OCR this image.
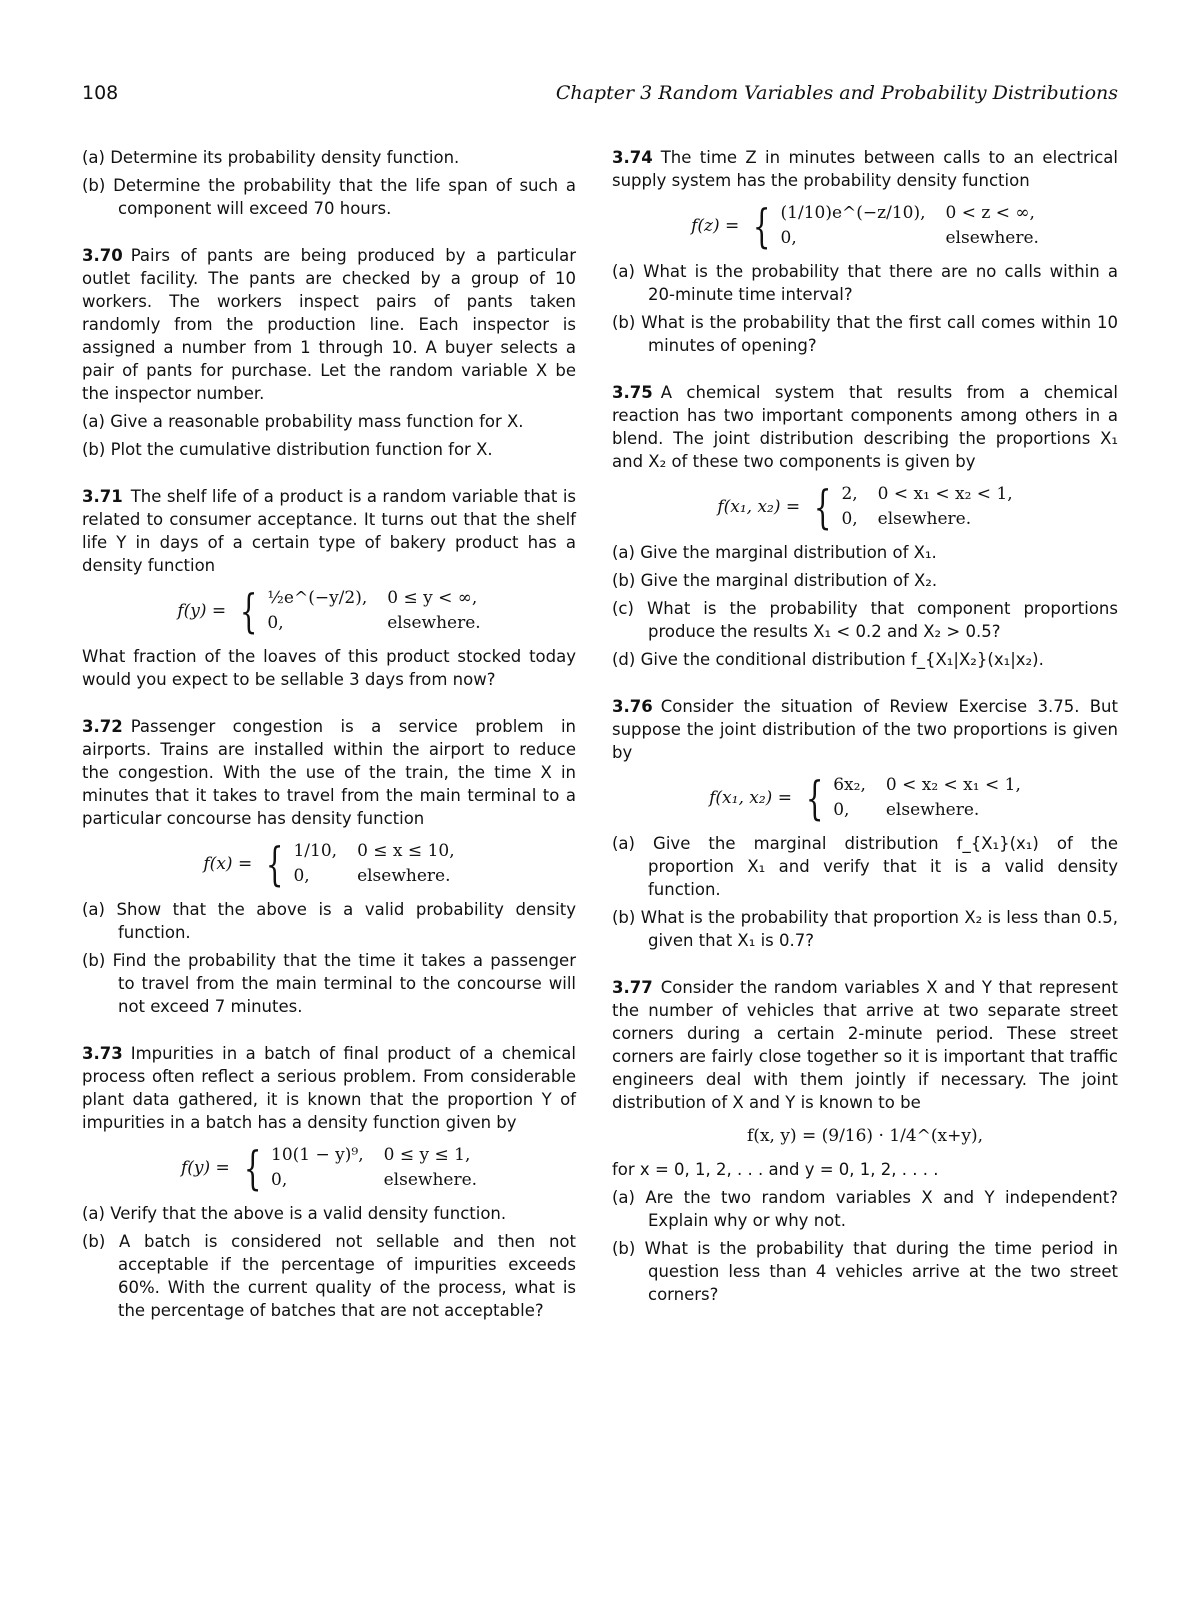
108	Chapter 3 Random Variables and Probability Distributions

(a) Determine its probability density function.

(b) Determine the probability that the life span of such a component will exceed 70 hours.

3.70 Pairs of pants are being produced by a particular outlet facility. The pants are checked by a group of 10 workers. The workers inspect pairs of pants taken randomly from the production line. Each inspector is assigned a number from 1 through 10. A buyer selects a pair of pants for purchase. Let the random variable X be the inspector number.

(a) Give a reasonable probability mass function for X.

(b) Plot the cumulative distribution function for X.

3.71 The shelf life of a product is a random variable that is related to consumer acceptance. It turns out that the shelf life Y in days of a certain type of bakery product has a density function

f(y) = { ½e^(−y/2), 0 ≤ y < ∞,
0,	elsewhere.

What fraction of the loaves of this product stocked today would you expect to be sellable 3 days from now?

3.72 Passenger congestion is a service problem in airports. Trains are installed within the airport to reduce the congestion. With the use of the train, the time X in minutes that it takes to travel from the main terminal to a particular concourse has density function

f(x) = { 1/10, 0 ≤ x ≤ 10,
0,	elsewhere.

(a) Show that the above is a valid probability density function.

(b) Find the probability that the time it takes a passenger to travel from the main terminal to the concourse will not exceed 7 minutes.

3.73 Impurities in a batch of final product of a chemical process often reflect a serious problem. From considerable plant data gathered, it is known that the proportion Y of impurities in a batch has a density function given by

f(y) = { 10(1 − y)⁹, 0 ≤ y ≤ 1,
0,	elsewhere.

(a) Verify that the above is a valid density function.

(b) A batch is considered not sellable and then not acceptable if the percentage of impurities exceeds 60%. With the current quality of the process, what is the percentage of batches that are not acceptable?

3.74 The time Z in minutes between calls to an electrical supply system has the probability density function

f(z) = { (1/10)e^(−z/10), 0 < z < ∞,
0,	elsewhere.

(a) What is the probability that there are no calls within a 20-minute time interval?

(b) What is the probability that the first call comes within 10 minutes of opening?

3.75 A chemical system that results from a chemical reaction has two important components among others in a blend. The joint distribution describing the proportions X₁ and X₂ of these two components is given by

f(x₁, x₂) = { 2, 0 < x₁ < x₂ < 1,
0, elsewhere.

(a) Give the marginal distribution of X₁.

(b) Give the marginal distribution of X₂.

(c) What is the probability that component proportions produce the results X₁ < 0.2 and X₂ > 0.5?

(d) Give the conditional distribution f_{X₁|X₂}(x₁|x₂).

3.76 Consider the situation of Review Exercise 3.75. But suppose the joint distribution of the two proportions is given by

f(x₁, x₂) = { 6x₂, 0 < x₂ < x₁ < 1,
0,	elsewhere.

(a) Give the marginal distribution f_{X₁}(x₁) of the proportion X₁ and verify that it is a valid density function.

(b) What is the probability that proportion X₂ is less than 0.5, given that X₁ is 0.7?

3.77 Consider the random variables X and Y that represent the number of vehicles that arrive at two separate street corners during a certain 2-minute period. These street corners are fairly close together so it is important that traffic engineers deal with them jointly if necessary. The joint distribution of X and Y is known to be

f(x, y) = (9/16) · 1/4^(x+y),

for x = 0, 1, 2, . . . and y = 0, 1, 2, . . . .

(a) Are the two random variables X and Y independent? Explain why or why not.

(b) What is the probability that during the time period in question less than 4 vehicles arrive at the two street corners?
